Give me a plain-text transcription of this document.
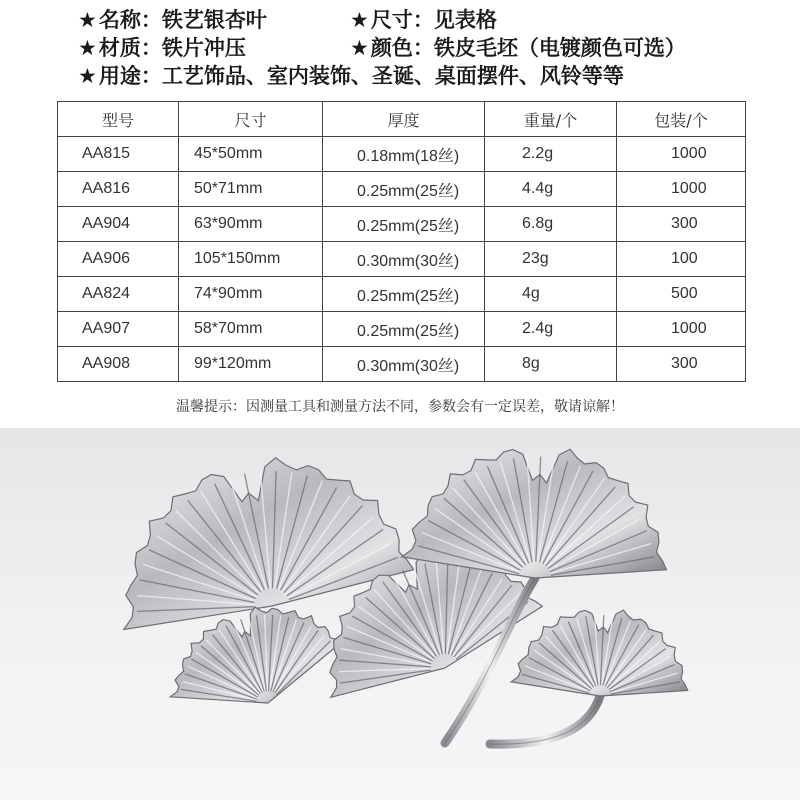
★ 名称： 铁艺银杏叶	★ 尺寸： 见表格
★ 材质： 铁片冲压	★ 颜色： 铁皮毛坯（电镀颜色可选）
★ 用途： 工艺饰品、室内装饰、圣诞、桌面摆件、风铃等等
型号	尺寸	厚度	重量/个	包装/个
AA815	45*50mm	0.18mm(18丝)	2.2g	1000
AA816	50*71mm	0.25mm(25丝)	4.4g	1000
AA904	63*90mm	0.25mm(25丝)	6.8g	300
AA906	105*150mm	0.30mm(30丝)	23g	100
AA824	74*90mm	0.25mm(25丝)	4g	500
AA907	58*70mm	0.25mm(25丝)	2.4g	1000
AA908	99*120mm	0.30mm(30丝)	8g	300
温馨提示：因测量工具和测量方法不同，参数会有一定误差，敬请谅解！
